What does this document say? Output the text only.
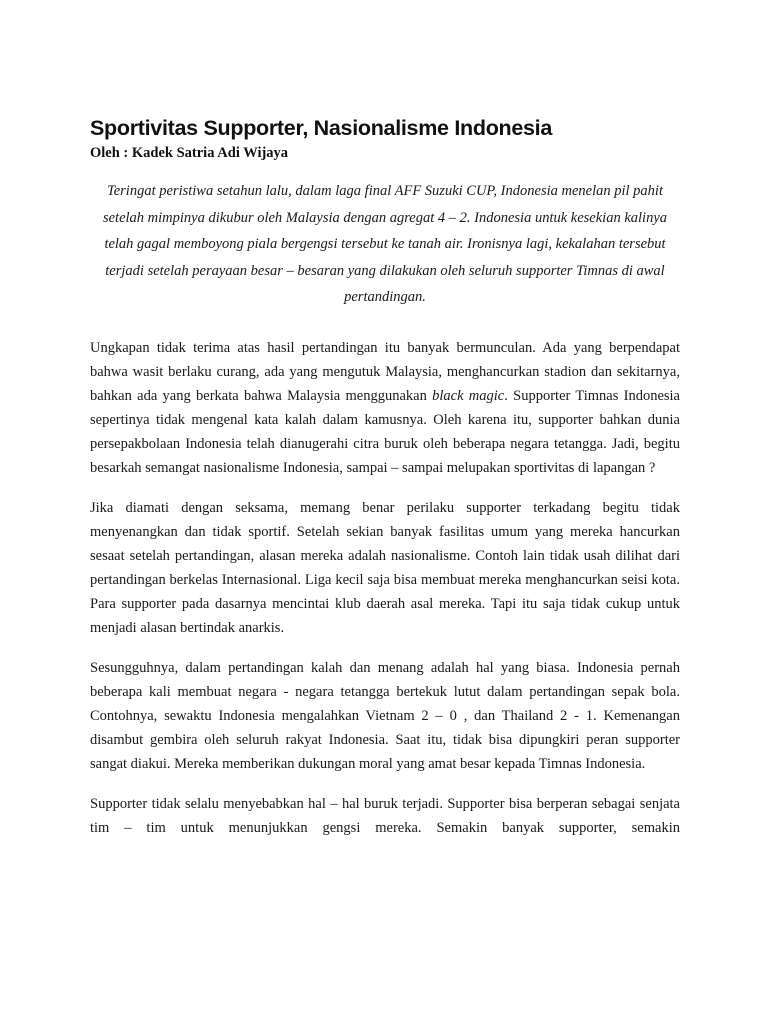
Sportivitas Supporter, Nasionalisme Indonesia

Oleh : Kadek Satria Adi Wijaya

Teringat peristiwa setahun lalu, dalam laga final AFF Suzuki CUP, Indonesia menelan pil pahit setelah mimpinya dikubur oleh Malaysia dengan agregat 4 – 2. Indonesia untuk kesekian kalinya telah gagal memboyong piala bergengsi tersebut ke tanah air. Ironisnya lagi, kekalahan tersebut terjadi setelah perayaan besar – besaran yang dilakukan oleh seluruh supporter Timnas di awal pertandingan.

Ungkapan tidak terima atas hasil pertandingan itu banyak bermunculan. Ada yang berpendapat bahwa wasit berlaku curang, ada yang mengutuk Malaysia, menghancurkan stadion dan sekitarnya, bahkan ada yang berkata bahwa Malaysia menggunakan black magic. Supporter Timnas Indonesia sepertinya tidak mengenal kata kalah dalam kamusnya. Oleh karena itu, supporter bahkan dunia persepakbolaan Indonesia telah dianugerahi citra buruk oleh beberapa negara tetangga. Jadi, begitu besarkah semangat nasionalisme Indonesia, sampai – sampai melupakan sportivitas di lapangan ?

Jika diamati dengan seksama, memang benar perilaku supporter terkadang begitu tidak menyenangkan dan tidak sportif. Setelah sekian banyak fasilitas umum yang mereka hancurkan sesaat setelah pertandingan, alasan mereka adalah nasionalisme. Contoh lain tidak usah dilihat dari pertandingan berkelas Internasional. Liga kecil saja bisa membuat mereka menghancurkan seisi kota. Para supporter pada dasarnya mencintai klub daerah asal mereka. Tapi itu saja tidak cukup untuk menjadi alasan bertindak anarkis.

Sesungguhnya, dalam pertandingan kalah dan menang adalah hal yang biasa. Indonesia pernah beberapa kali membuat negara - negara tetangga bertekuk lutut dalam pertandingan sepak bola. Contohnya, sewaktu Indonesia mengalahkan Vietnam 2 – 0 , dan Thailand 2 - 1. Kemenangan disambut gembira oleh seluruh rakyat Indonesia. Saat itu, tidak bisa dipungkiri peran supporter sangat diakui. Mereka memberikan dukungan moral yang amat besar kepada Timnas Indonesia.

Supporter tidak selalu menyebabkan hal – hal buruk terjadi. Supporter bisa berperan sebagai senjata tim – tim untuk menunjukkan gengsi mereka. Semakin banyak supporter, semakin
